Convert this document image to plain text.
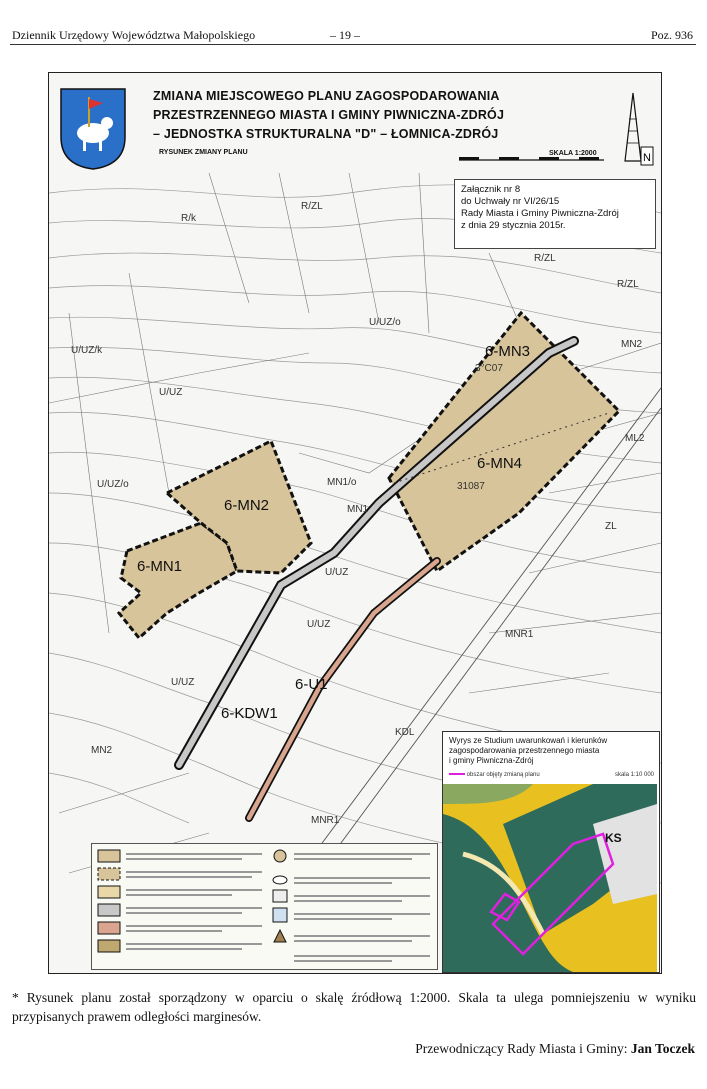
Dziennik Urzędowy Województwa Małopolskiego	– 19 –	Poz. 936
ZMIANA MIEJSCOWEGO PLANU ZAGOSPODAROWANIA
PRZESTRZENNEGO MIASTA I GMINY PIWNICZNA-ZDRÓJ
– JEDNOSTKA STRUKTURALNA "D" – ŁOMNICA-ZDRÓJ
RYSUNEK ZMIANY PLANU	SKALA 1:2000	N
Załącznik nr 8
do Uchwały nr VI/26/15
Rady Miasta i Gminy Piwniczna-Zdrój
z dnia 29 stycznia 2015r.
6-MN1
6-MN2
6-MN3
6-MN4
6-U1
6-KDW1
R/k
R/ZL
R/ZL
R/ZL
U/UZ/o
U/UZ/k
U/UZ
U/UZ/o	MN1/o
MN1
U/UZ
U/UZ
U/UZ
MN2
ML2
ZL
MNR1
KDL
MN2
MNR1
3°C07
31087
Wyrys ze Studium uwarunkowań i kierunków
zagospodarowania przestrzennego miasta
i gminy Piwniczna-Zdrój
obszar objęty zmianą planu	skala 1:10 000
KS
* Rysunek planu został sporządzony w oparciu o skalę źródłową 1:2000. Skala ta ulega pomniejszeniu w wyniku przypisanych prawem odległości marginesów.
Przewodniczący Rady Miasta i Gminy: Jan Toczek
